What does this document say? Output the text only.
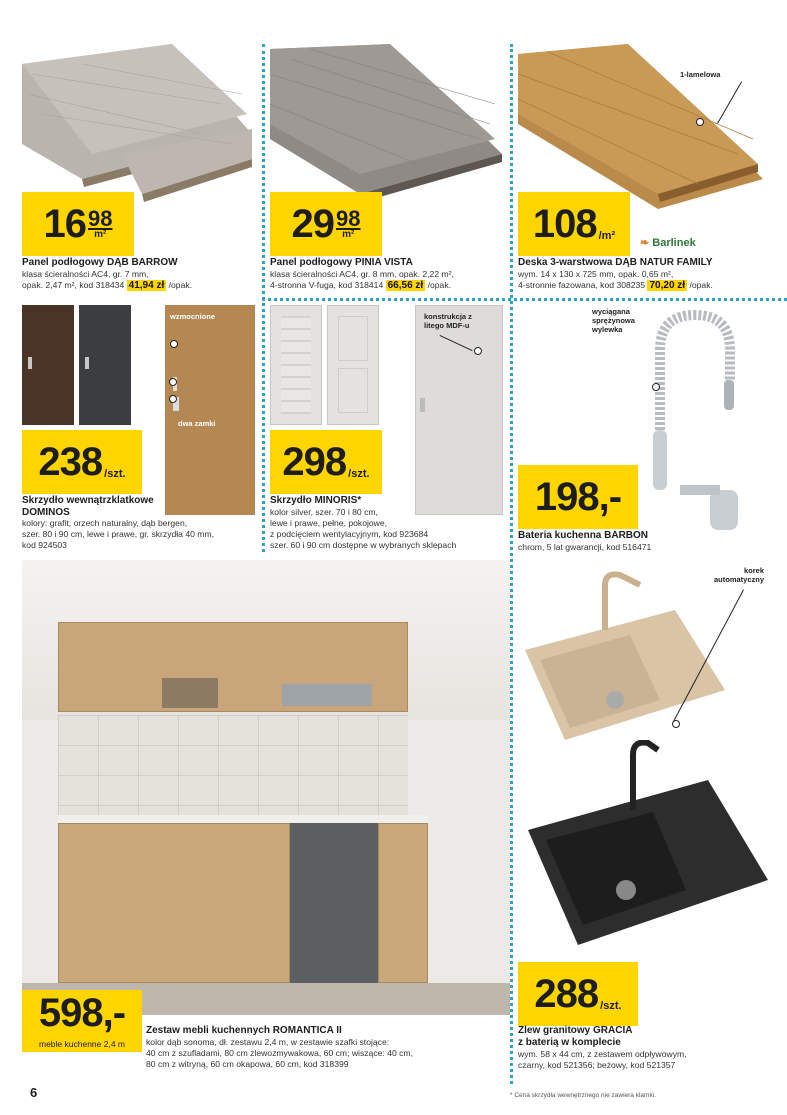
16 98
m²
Panel podłogowy DĄB BARROW
klasa ścieralności AC4, gr. 7 mm,
opak. 2,47 m², kod 318434 41,94 zł /opak.
29 98
m²
Panel podłogowy PINIA VISTA
klasa ścieralności AC4, gr. 8 mm, opak. 2,22 m²,
4-stronna V-fuga, kod 318414 66,56 zł /opak.
1-lamelowa
108 /m²
❧ Barlinek
Deska 3-warstwowa DĄB NATUR FAMILY
wym. 14 x 130 x 725 mm, opak. 0,65 m²,
4-stronnie fazowana, kod 308235 70,20 zł /opak.
wzmocnione
dwa zamki
238 /szt.
Skrzydło wewnątrzklatkowe
DOMINOS
kolory: grafit, orzech naturalny, dąb bergen,
szer. 80 i 90 cm, lewe i prawe, gr. skrzydła 40 mm,
kod 924503
konstrukcja z litego MDF-u
298 /szt.
Skrzydło MINORIS*
kolor silver, szer. 70 i 80 cm,
lewe i prawe, pełne, pokojowe,
z podcięciem wentylacyjnym, kod 923684
szer. 60 i 90 cm dostępne w wybranych sklepach
wyciągana sprężynowa wylewka
198,-
Bateria kuchenna BARBON
chrom, 5 lat gwarancji, kod 516471
598,-
meble kuchenne 2,4 m
Zestaw mebli kuchennych ROMANTICA II
kolor dąb sonoma, dł. zestawu 2,4 m, w zestawie szafki stojące:
40 cm z szufladami, 80 cm zlewozmywakowa, 60 cm; wiszące: 40 cm,
80 cm z witryną, 60 cm okapowa, 60 cm, kod 318399
korek automatyczny
288 /szt.
Zlew granitowy GRACIA
z baterią w komplecie
wym. 58 x 44 cm, z zestawem odpływowym,
czarny, kod 521356; beżowy, kod 521357
6	* Cena skrzydła wewnętrznego nie zawiera klamki.
